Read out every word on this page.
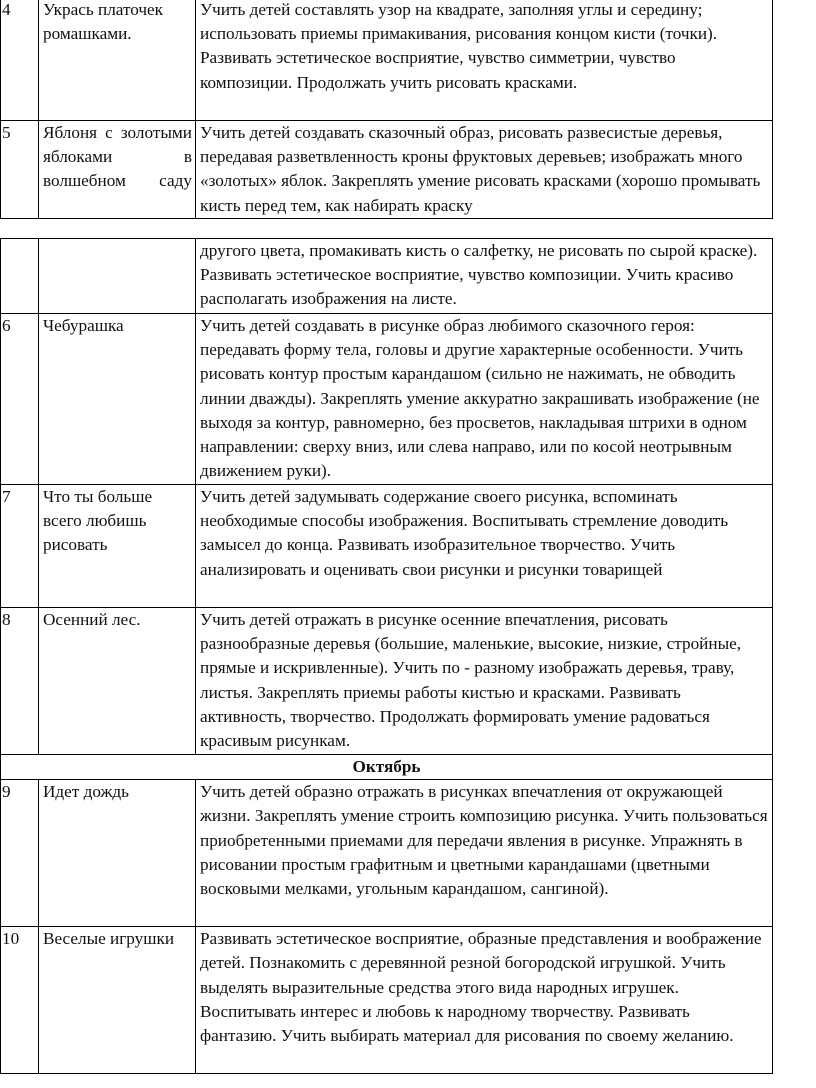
4	Укрась платочек ромашками.	Учить детей составлять узор на квадрате, заполняя углы и середину; использовать приемы примакивания, рисования концом кисти (точки). Развивать эстетическое восприятие, чувство симметрии, чувство композиции. Продолжать учить рисовать красками.
5	Яблоня с золотыми яблоками в волшебном саду	Учить детей создавать сказочный образ, рисовать развесистые деревья, передавая разветвленность кроны фруктовых деревьев; изображать много «золотых» яблок. Закреплять умение рисовать красками (хорошо промывать кисть перед тем, как набирать краску
		другого цвета, промакивать кисть о салфетку, не рисовать по сырой краске). Развивать эстетическое восприятие, чувство композиции. Учить красиво располагать изображения на листе.
6	Чебурашка	Учить детей создавать в рисунке образ любимого сказочного героя: передавать форму тела, головы и другие характерные особенности. Учить рисовать контур простым карандашом (сильно не нажимать, не обводить линии дважды). Закреплять умение аккуратно закрашивать изображение (не выходя за контур, равномерно, без просветов, накладывая штрихи в одном направлении: сверху вниз, или слева направо, или по косой неотрывным движением руки).
7	Что ты больше всего любишь рисовать	Учить детей задумывать содержание своего рисунка, вспоминать необходимые способы изображения. Воспитывать стремление доводить замысел до конца. Развивать изобразительное творчество. Учить анализировать и оценивать свои рисунки и рисунки товарищей
8	Осенний лес.	Учить детей отражать в рисунке осенние впечатления, рисовать разнообразные деревья (большие, маленькие, высокие, низкие, стройные, прямые и искривленные). Учить по - разному изображать деревья, траву, листья. Закреплять приемы работы кистью и красками. Развивать активность, творчество. Продолжать формировать умение радоваться красивым рисункам.
Октябрь		
9	Идет дождь	Учить детей образно отражать в рисунках впечатления от окружающей жизни. Закреплять умение строить композицию рисунка. Учить пользоваться приобретенными приемами для передачи явления в рисунке. Упражнять в рисовании простым графитным и цветными карандашами (цветными восковыми мелками, угольным карандашом, сангиной).
10	Веселые игрушки	Развивать эстетическое восприятие, образные представления и воображение детей. Познакомить с деревянной резной богородской игрушкой. Учить выделять выразительные средства этого вида народных игрушек. Воспитывать интерес и любовь к народному творчеству. Развивать фантазию. Учить выбирать материал для рисования по своему желанию.
